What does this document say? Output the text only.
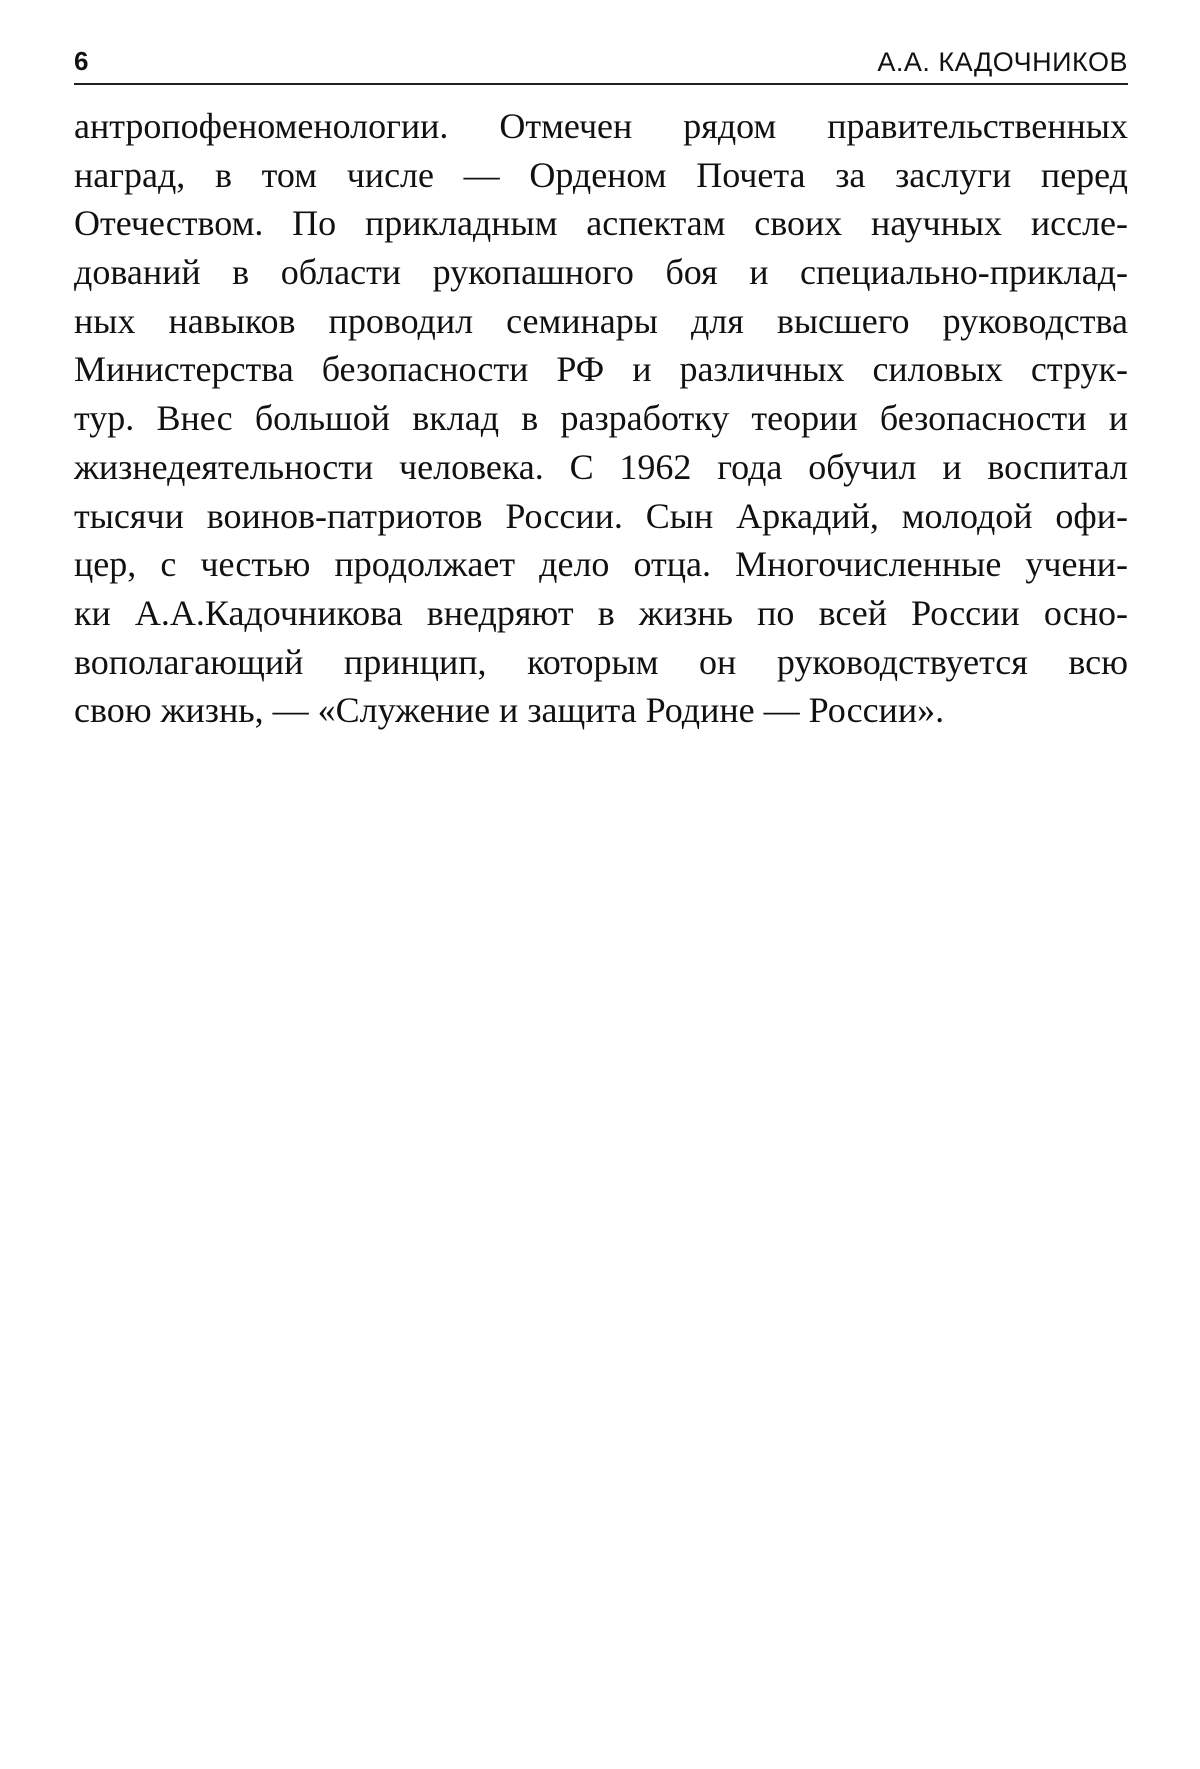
6	А.А. КАДОЧНИКОВ
антропофеноменологии. Отмечен рядом правительственных
наград, в том числе — Орденом Почета за заслуги перед
Отечеством. По прикладным аспектам своих научных иссле-
дований в области рукопашного боя и специально-приклад-
ных навыков проводил семинары для высшего руководства
Министерства безопасности РФ и различных силовых струк-
тур. Внес большой вклад в разработку теории безопасности и
жизнедеятельности человека. С 1962 года обучил и воспитал
тысячи воинов-патриотов России. Сын Аркадий, молодой офи-
цер, с честью продолжает дело отца. Многочисленные учени-
ки А.А.Кадочникова внедряют в жизнь по всей России осно-
вополагающий принцип, которым он руководствуется всю
свою жизнь, — «Служение и защита Родине — России».
